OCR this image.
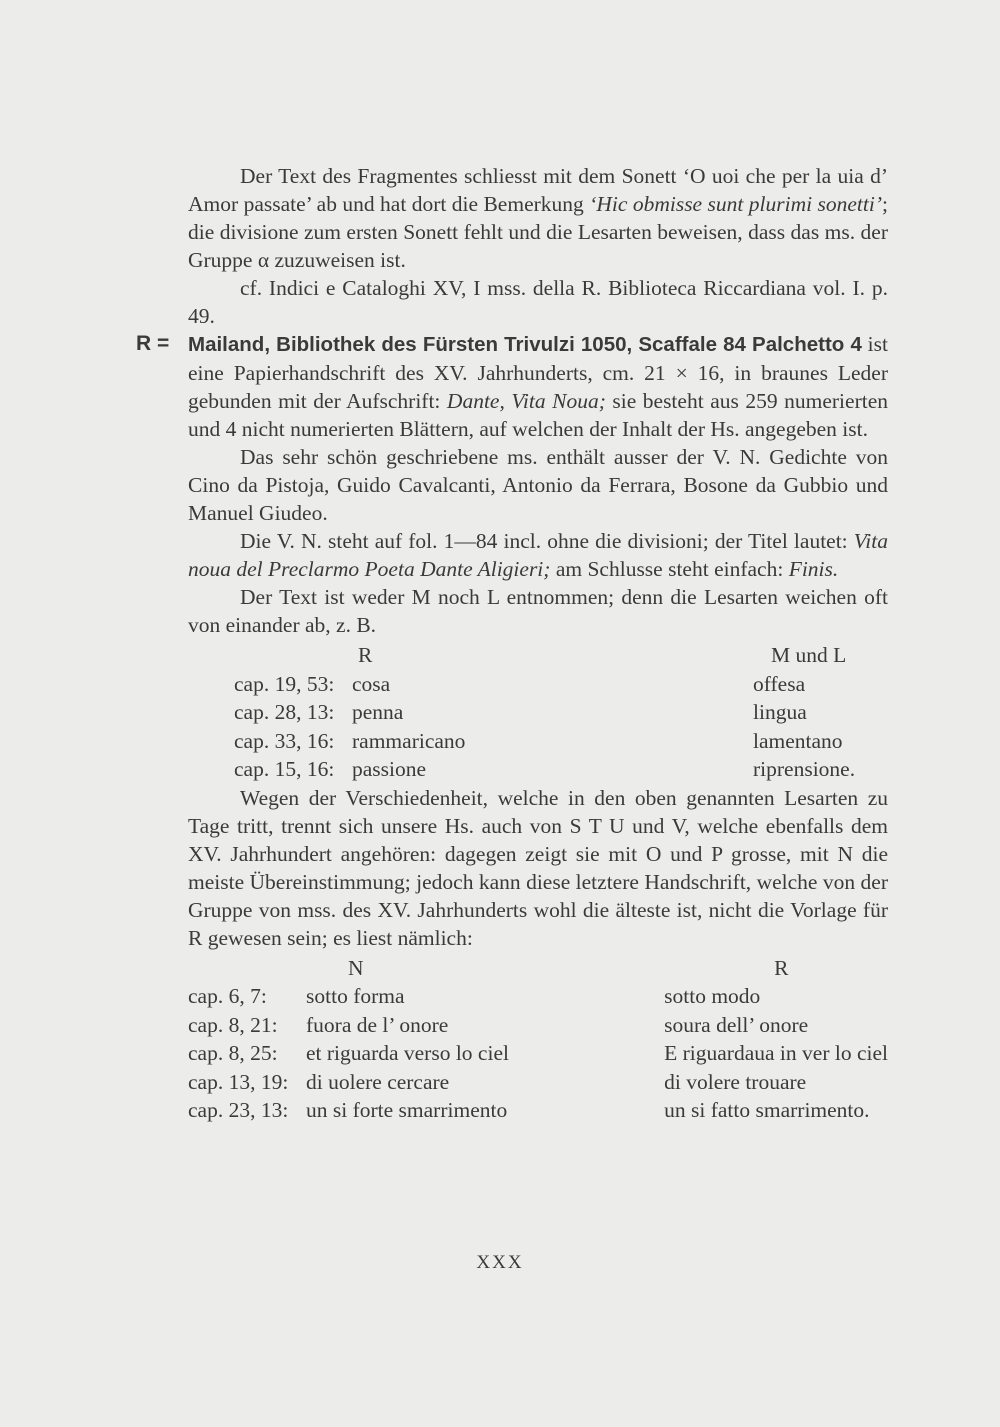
Der Text des Fragmentes schliesst mit dem Sonett ‘O uoi che per la uia d’ Amor passate’ ab und hat dort die Bemerkung ‘Hic obmisse sunt plurimi sonetti’; die divisione zum ersten Sonett fehlt und die Lesarten beweisen, dass das ms. der Gruppe α zuzuweisen ist.

cf. Indici e Cataloghi XV, I mss. della R. Biblioteca Riccardiana vol. I. p. 49.

R = Mailand, Bibliothek des Fürsten Trivulzi 1050, Scaffale 84 Palchetto 4 ist eine Papierhandschrift des XV. Jahrhunderts, cm. 21 × 16, in braunes Leder gebunden mit der Aufschrift: Dante, Vita Noua; sie besteht aus 259 numerierten und 4 nicht numerierten Blättern, auf welchen der Inhalt der Hs. angegeben ist.

Das sehr schön geschriebene ms. enthält ausser der V. N. Gedichte von Cino da Pistoja, Guido Cavalcanti, Antonio da Ferrara, Bosone da Gubbio und Manuel Giudeo.

Die V. N. steht auf fol. 1—84 incl. ohne die divisioni; der Titel lautet: Vita noua del Preclarmo Poeta Dante Aligieri; am Schlusse steht einfach: Finis.

Der Text ist weder M noch L entnommen; denn die Lesarten weichen oft von einander ab, z. B.

R	M und L
cap. 19, 53: cosa	offesa
cap. 28, 13: penna	lingua
cap. 33, 16: rammaricano	lamentano
cap. 15, 16: passione	riprensione.

Wegen der Verschiedenheit, welche in den oben genannten Lesarten zu Tage tritt, trennt sich unsere Hs. auch von S T U und V, welche ebenfalls dem XV. Jahrhundert angehören: dagegen zeigt sie mit O und P grosse, mit N die meiste Übereinstimmung; jedoch kann diese letztere Handschrift, welche von der Gruppe von mss. des XV. Jahrhunderts wohl die älteste ist, nicht die Vorlage für R gewesen sein; es liest nämlich:

N	R
cap. 6, 7: sotto forma	sotto modo
cap. 8, 21: fuora de l’ onore	soura dell’ onore
cap. 8, 25: et riguarda verso lo ciel	E riguardaua in ver lo ciel
cap. 13, 19: di uolere cercare	di volere trouare
cap. 23, 13: un si forte smarrimento	un si fatto smarrimento.
XXX
